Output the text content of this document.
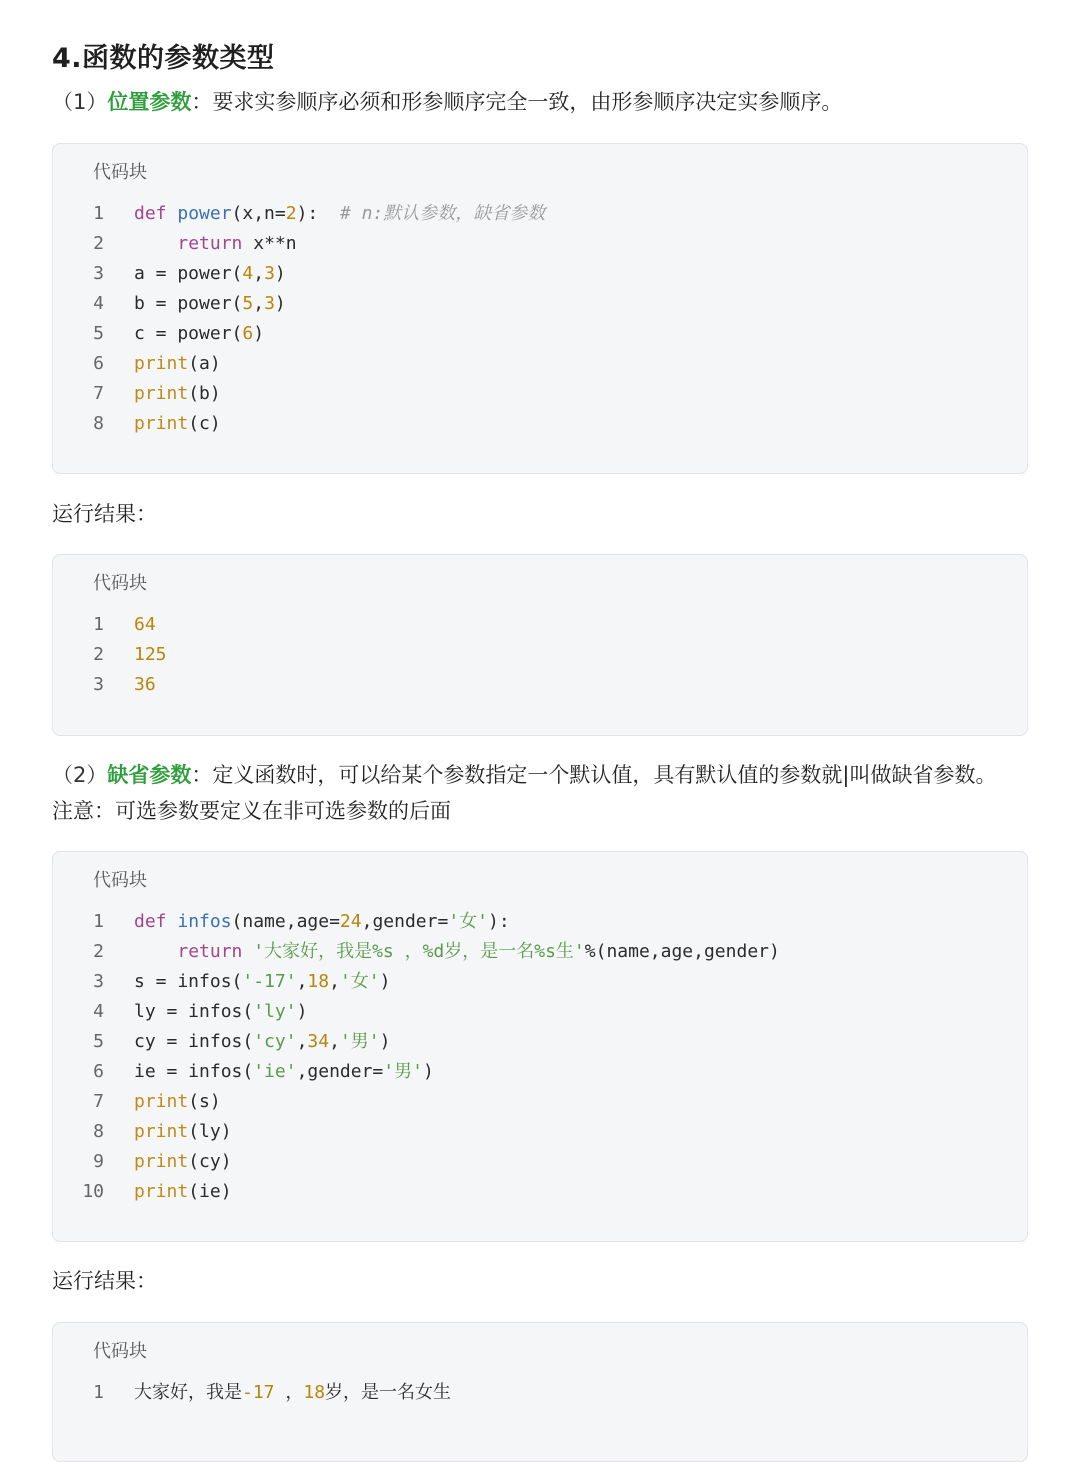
4.函数的参数类型

（1）位置参数：要求实参顺序必须和形参顺序完全一致，由形参顺序决定实参顺序。

代码块
1 def power(x,n=2):  # n:默认参数，缺省参数
2	return x**n
3 a = power(4,3)
4 b = power(5,3)
5 c = power(6)
6 print(a)
7 print(b)
8 print(c)

运行结果：

代码块
1 64
2 125
3 36

（2）缺省参数：定义函数时，可以给某个参数指定一个默认值，具有默认值的参数就|叫做缺省参数。

注意：可选参数要定义在非可选参数的后面

代码块
1 def infos(name,age=24,gender='女'):
2	return '大家好，我是%s ，%d岁，是一名%s生'%(name,age,gender)
3 s = infos('-17',18,'女')
4 ly = infos('ly')
5 cy = infos('cy',34,'男')
6 ie = infos('ie',gender='男')
7 print(s)
8 print(ly)
9 print(cy)
10 print(ie)

运行结果：

代码块
1 大家好，我是-17 ，18岁，是一名女生
